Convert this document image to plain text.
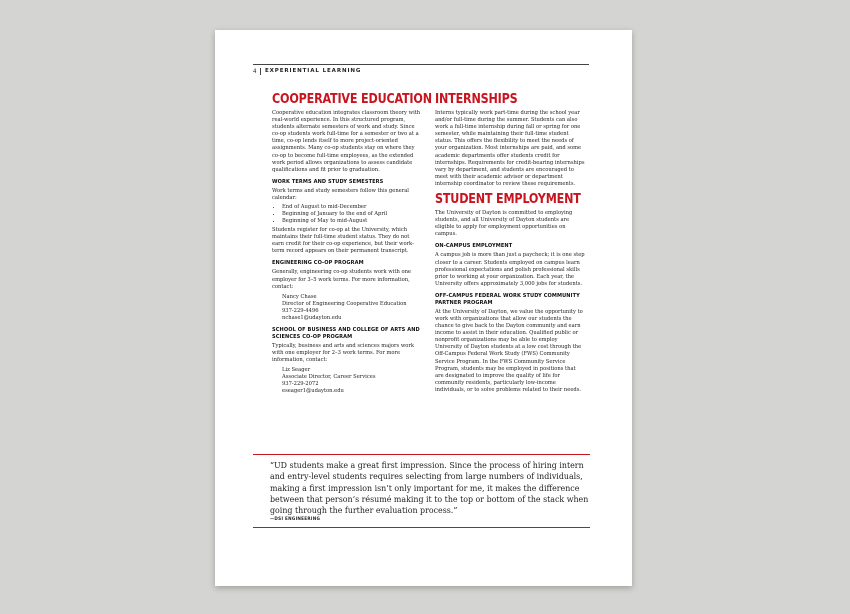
4 EXPERIENTIAL LEARNING
COOPERATIVE EDUCATION

Cooperative education integrates classroom theory with real-world experience. In this structured program, students alternate semesters of work and study. Since co-op students work full-time for a semester or two at a time, co-op lends itself to more project-oriented assignments. Many co-op students stay on where they co-op to become full-time employees, as the extended work period allows organizations to assess candidate qualifications and fit prior to graduation.

WORK TERMS AND STUDY SEMESTERS

Work terms and study semesters follow this general calendar:

• End of August to mid-December
• Beginning of January to the end of April
• Beginning of May to mid-August

Students register for co-op at the University, which maintains their full-time student status. They do not earn credit for their co-op experience, but their work-term record appears on their permanent transcript.

ENGINEERING CO-OP PROGRAM

Generally, engineering co-op students work with one employer for 3–5 work terms. For more information, contact:

Nancy Chase
Director of Engineering Cooperative Education
937-229-4496
nchase1@udayton.edu
SCHOOL OF BUSINESS AND COLLEGE OF ARTS AND SCIENCES CO-OP PROGRAM

Typically, business and arts and sciences majors work with one employer for 2–3 work terms. For more information, contact:

Liz Seager
Associate Director, Career Services
937-229-2072
eseager1@udayton.edu
INTERNSHIPS

Interns typically work part-time during the school year and/or full-time during the summer. Students can also work a full-time internship during fall or spring for one semester, while maintaining their full-time student status. This offers the flexibility to meet the needs of your organization. Most internships are paid, and some academic departments offer students credit for internships. Requirements for credit-bearing internships vary by department, and students are encouraged to meet with their academic advisor or department internship coordinator to review these requirements.

STUDENT EMPLOYMENT

The University of Dayton is committed to employing students, and all University of Dayton students are eligible to apply for employment opportunities on campus.

ON-CAMPUS EMPLOYMENT

A campus job is more than just a paycheck; it is one step closer to a career. Students employed on campus learn professional expectations and polish professional skills prior to working at your organization. Each year, the University offers approximately 3,000 jobs for students.

OFF-CAMPUS FEDERAL WORK STUDY COMMUNITY PARTNER PROGRAM

At the University of Dayton, we value the opportunity to work with organizations that allow our students the chance to give back to the Dayton community and earn income to assist in their education. Qualified public or nonprofit organizations may be able to employ University of Dayton students at a low cost through the Off-Campus Federal Work Study (FWS) Community Service Program. In the FWS Community Service Program, students may be employed in positions that are designated to improve the quality of life for community residents, particularly low-income individuals, or to solve problems related to their needs.

“UD students make a great first impression. Since the process of hiring intern and entry-level students requires selecting from large numbers of individuals, making a first impression isn’t only important for me, it makes the difference between that person’s résumé making it to the top or bottom of the stack when going through the further evaluation process.”

—DSI ENGINEERING
